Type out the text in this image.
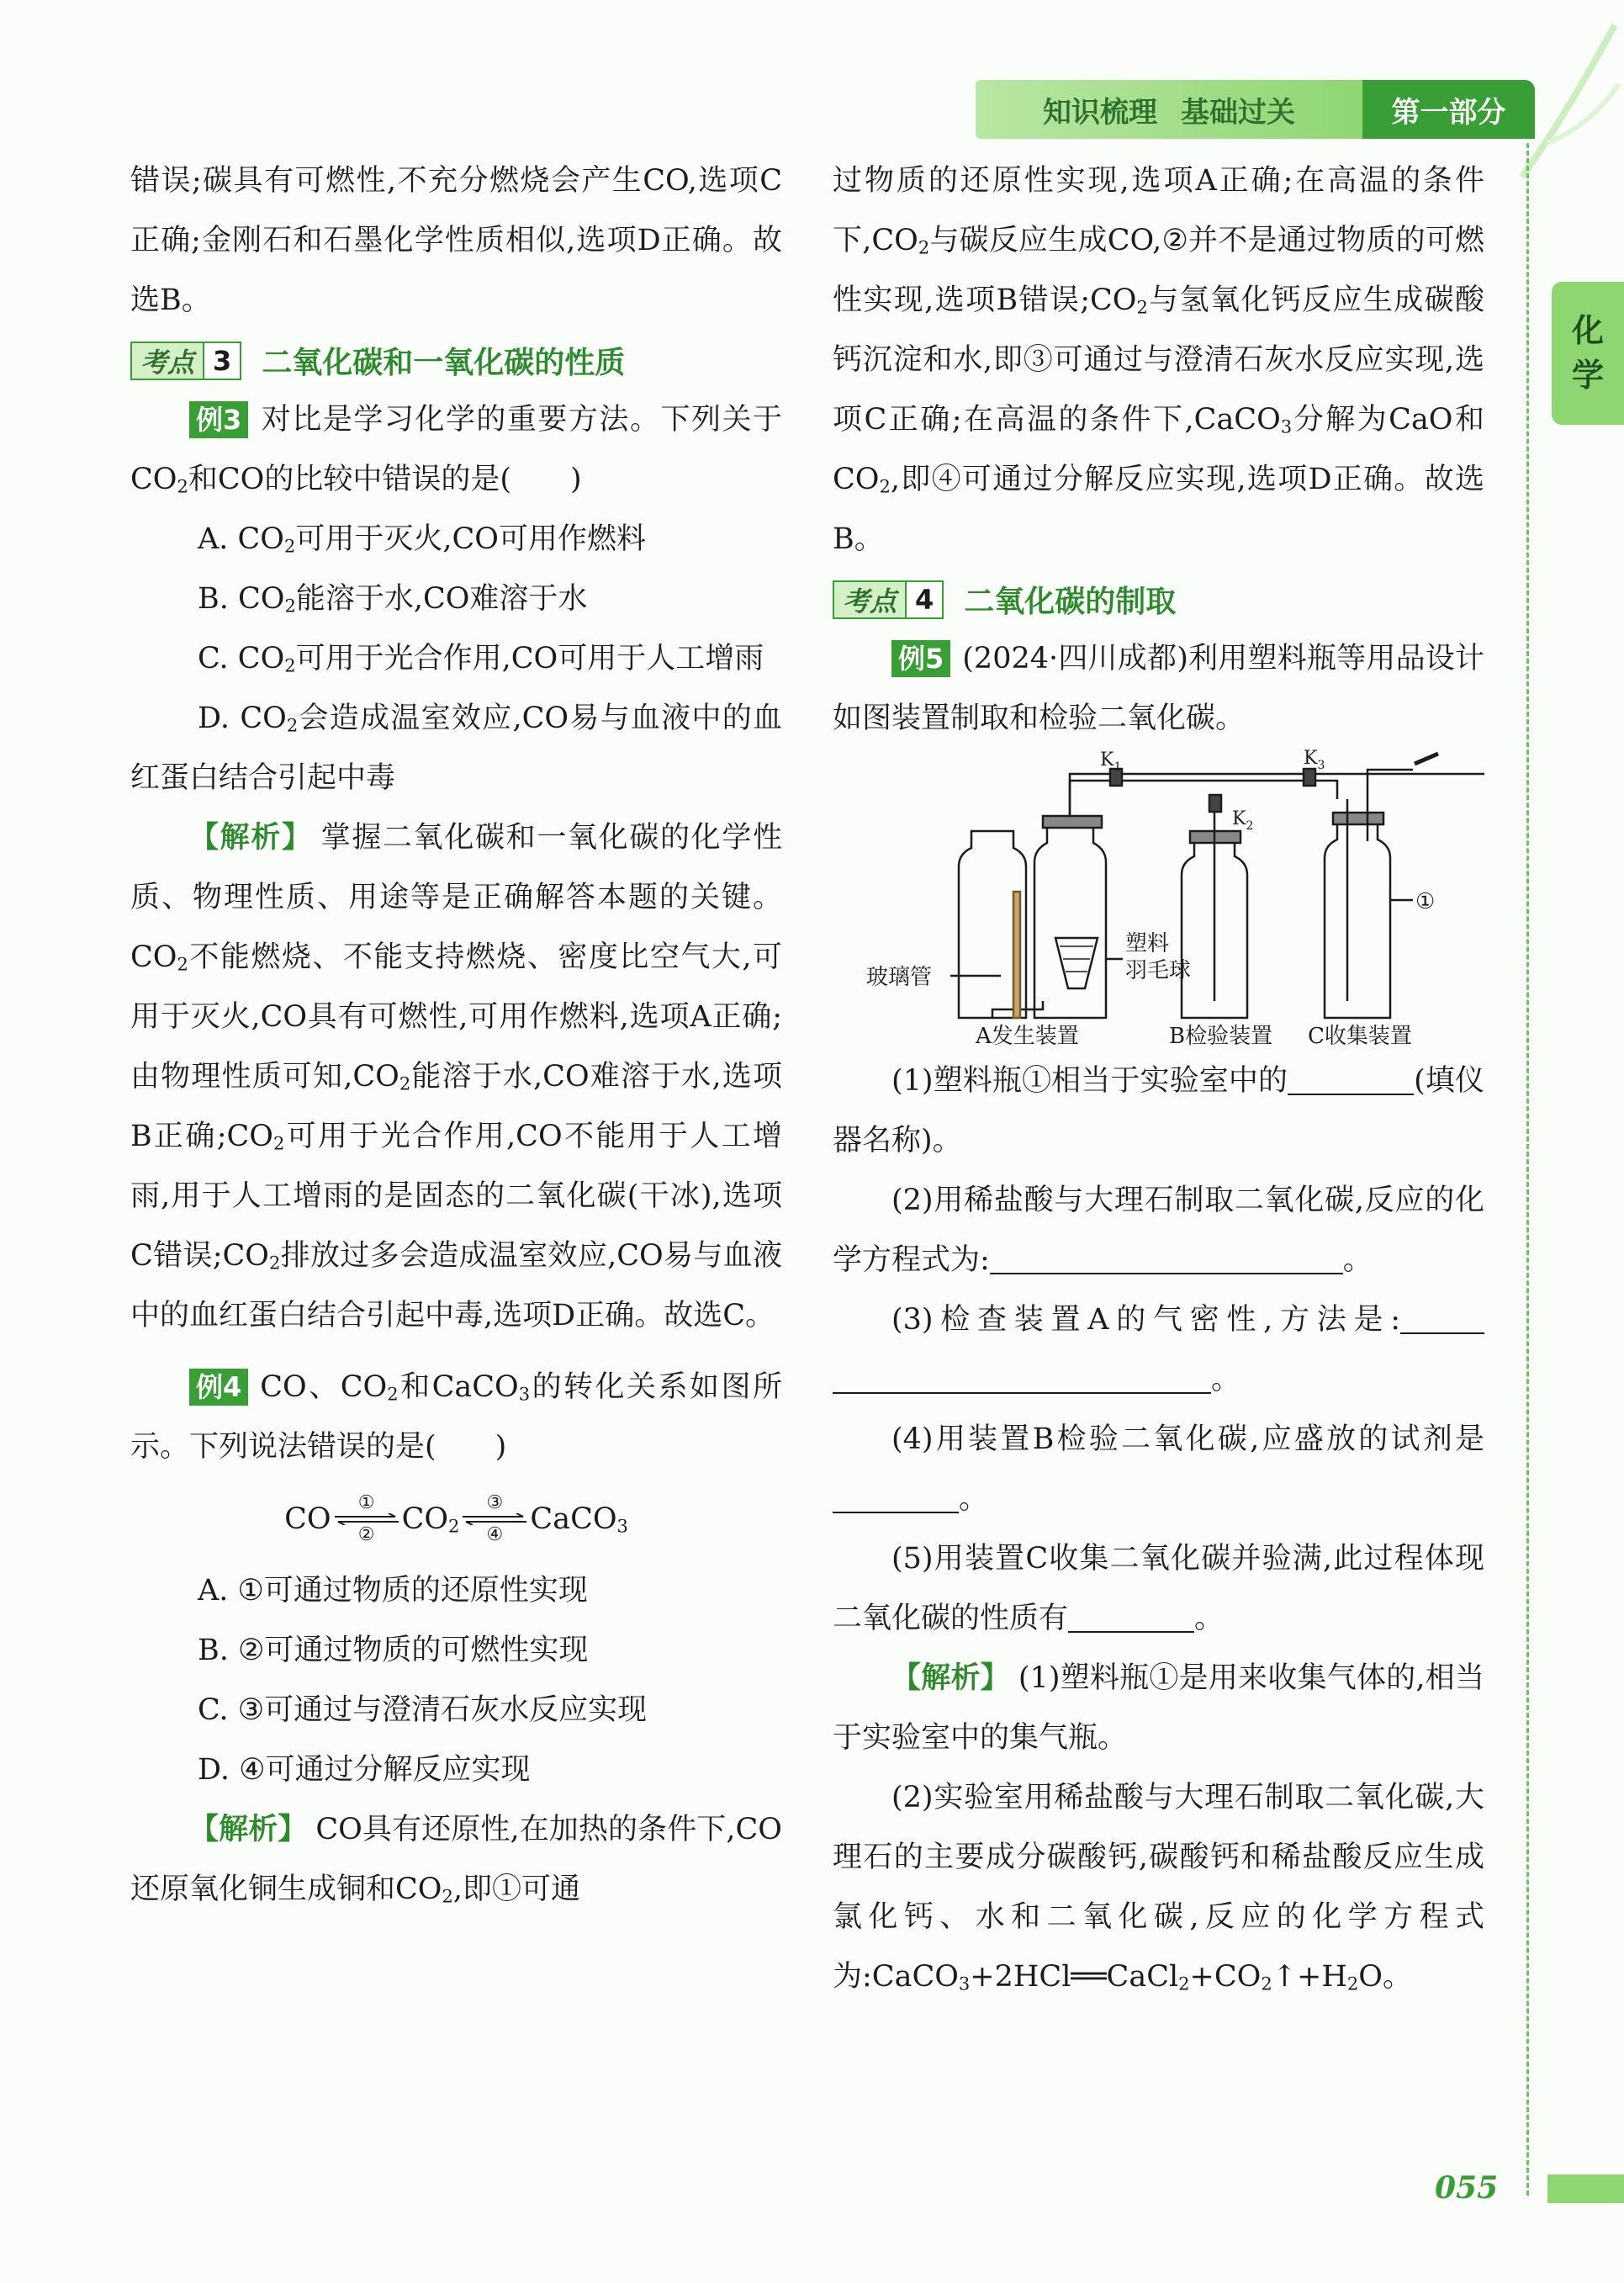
知识梳理 基础过关	第一部分
化
学

错误;碳具有可燃性,不充分燃烧会产生CO,选项C正确;金刚石和石墨化学性质相似,选项D正确。故选B。

考点 3 二氧化碳和一氧化碳的性质

例3 对比是学习化学的重要方法。下列关于$CO_2$和CO的比较中错误的是(　　)

A. $CO_2$可用于灭火,CO可用作燃料

B. $CO_2$能溶于水,CO难溶于水

C. $CO_2$可用于光合作用,CO可用于人工增雨

D. $CO_2$会造成温室效应,CO易与血液中的血红蛋白结合引起中毒

【解析】 掌握二氧化碳和一氧化碳的化学性质、物理性质、用途等是正确解答本题的关键。$CO_2$不能燃烧、不能支持燃烧、密度比空气大,可用于灭火,CO具有可燃性,可用作燃料,选项A正确;由物理性质可知$,CO_2$能溶于水,CO难溶于水,选项B正确$;CO_2$可用于光合作用,CO不能用于人工增雨,用于人工增雨的是固态的二氧化碳(干冰),选项C错误$;CO_2$排放过多会造成温室效应,CO易与血液中的血红蛋白结合引起中毒,选项D正确。故选C。

例4 CO、$CO_2$和CaCO$_3$的转化关系如图所示。下列说法错误的是(　　)

CO ①
② $CO_2$
③
④ CaCO$_3$

A. ①可通过物质的还原性实现

B. ②可通过物质的可燃性实现

C. ③可通过与澄清石灰水反应实现

D. ④可通过分解反应实现

【解析】 CO具有还原性,在加热的条件下,CO还原氧化铜生成铜和$CO_2$,即①可通

过物质的还原性实现,选项A正确;在高温的条件下$,CO_2$与碳反应生成CO,②并不是通过物质的可燃性实现,选项B错误$;CO_2$与氢氧化钙反应生成碳酸钙沉淀和水,即③可通过与澄清石灰水反应实现,选项C正确;在高温的条件下,CaCO$_3$分解为CaO和$CO_2$,即④可通过分解反应实现,选项D正确。故选B。

考点 4 二氧化碳的制取

例5 (2024·四川成都)利用塑料瓶等用品设计如图装置制取和检验二氧化碳。

$K_1$
$K_2$
$K_3$
①
塑料
羽毛球
玻璃管
A发生装置	B检验装置 C收集装置

(1)塑料瓶①相当于实验室中的	(填仪器名称)。

(2)用稀盐酸与大理石制取二氧化碳,反应的化学方程式为:	。

(3)检查装置A的气密性,方法是: 。

(4)用装置B检验二氧化碳,应盛放的试剂是。

(5)用装置C收集二氧化碳并验满,此过程体现二氧化碳的性质有	。

【解析】 (1)塑料瓶①是用来收集气体的,相当于实验室中的集气瓶。

(2)实验室用稀盐酸与大理石制取二氧化碳,大理石的主要成分碳酸钙,碳酸钙和稀盐酸反应生成氯化钙、水和二氧化碳,反应的化学方程式为$:CaCO_3+2HCl══CaCl_2+CO_2↑+H_2O$。

055
